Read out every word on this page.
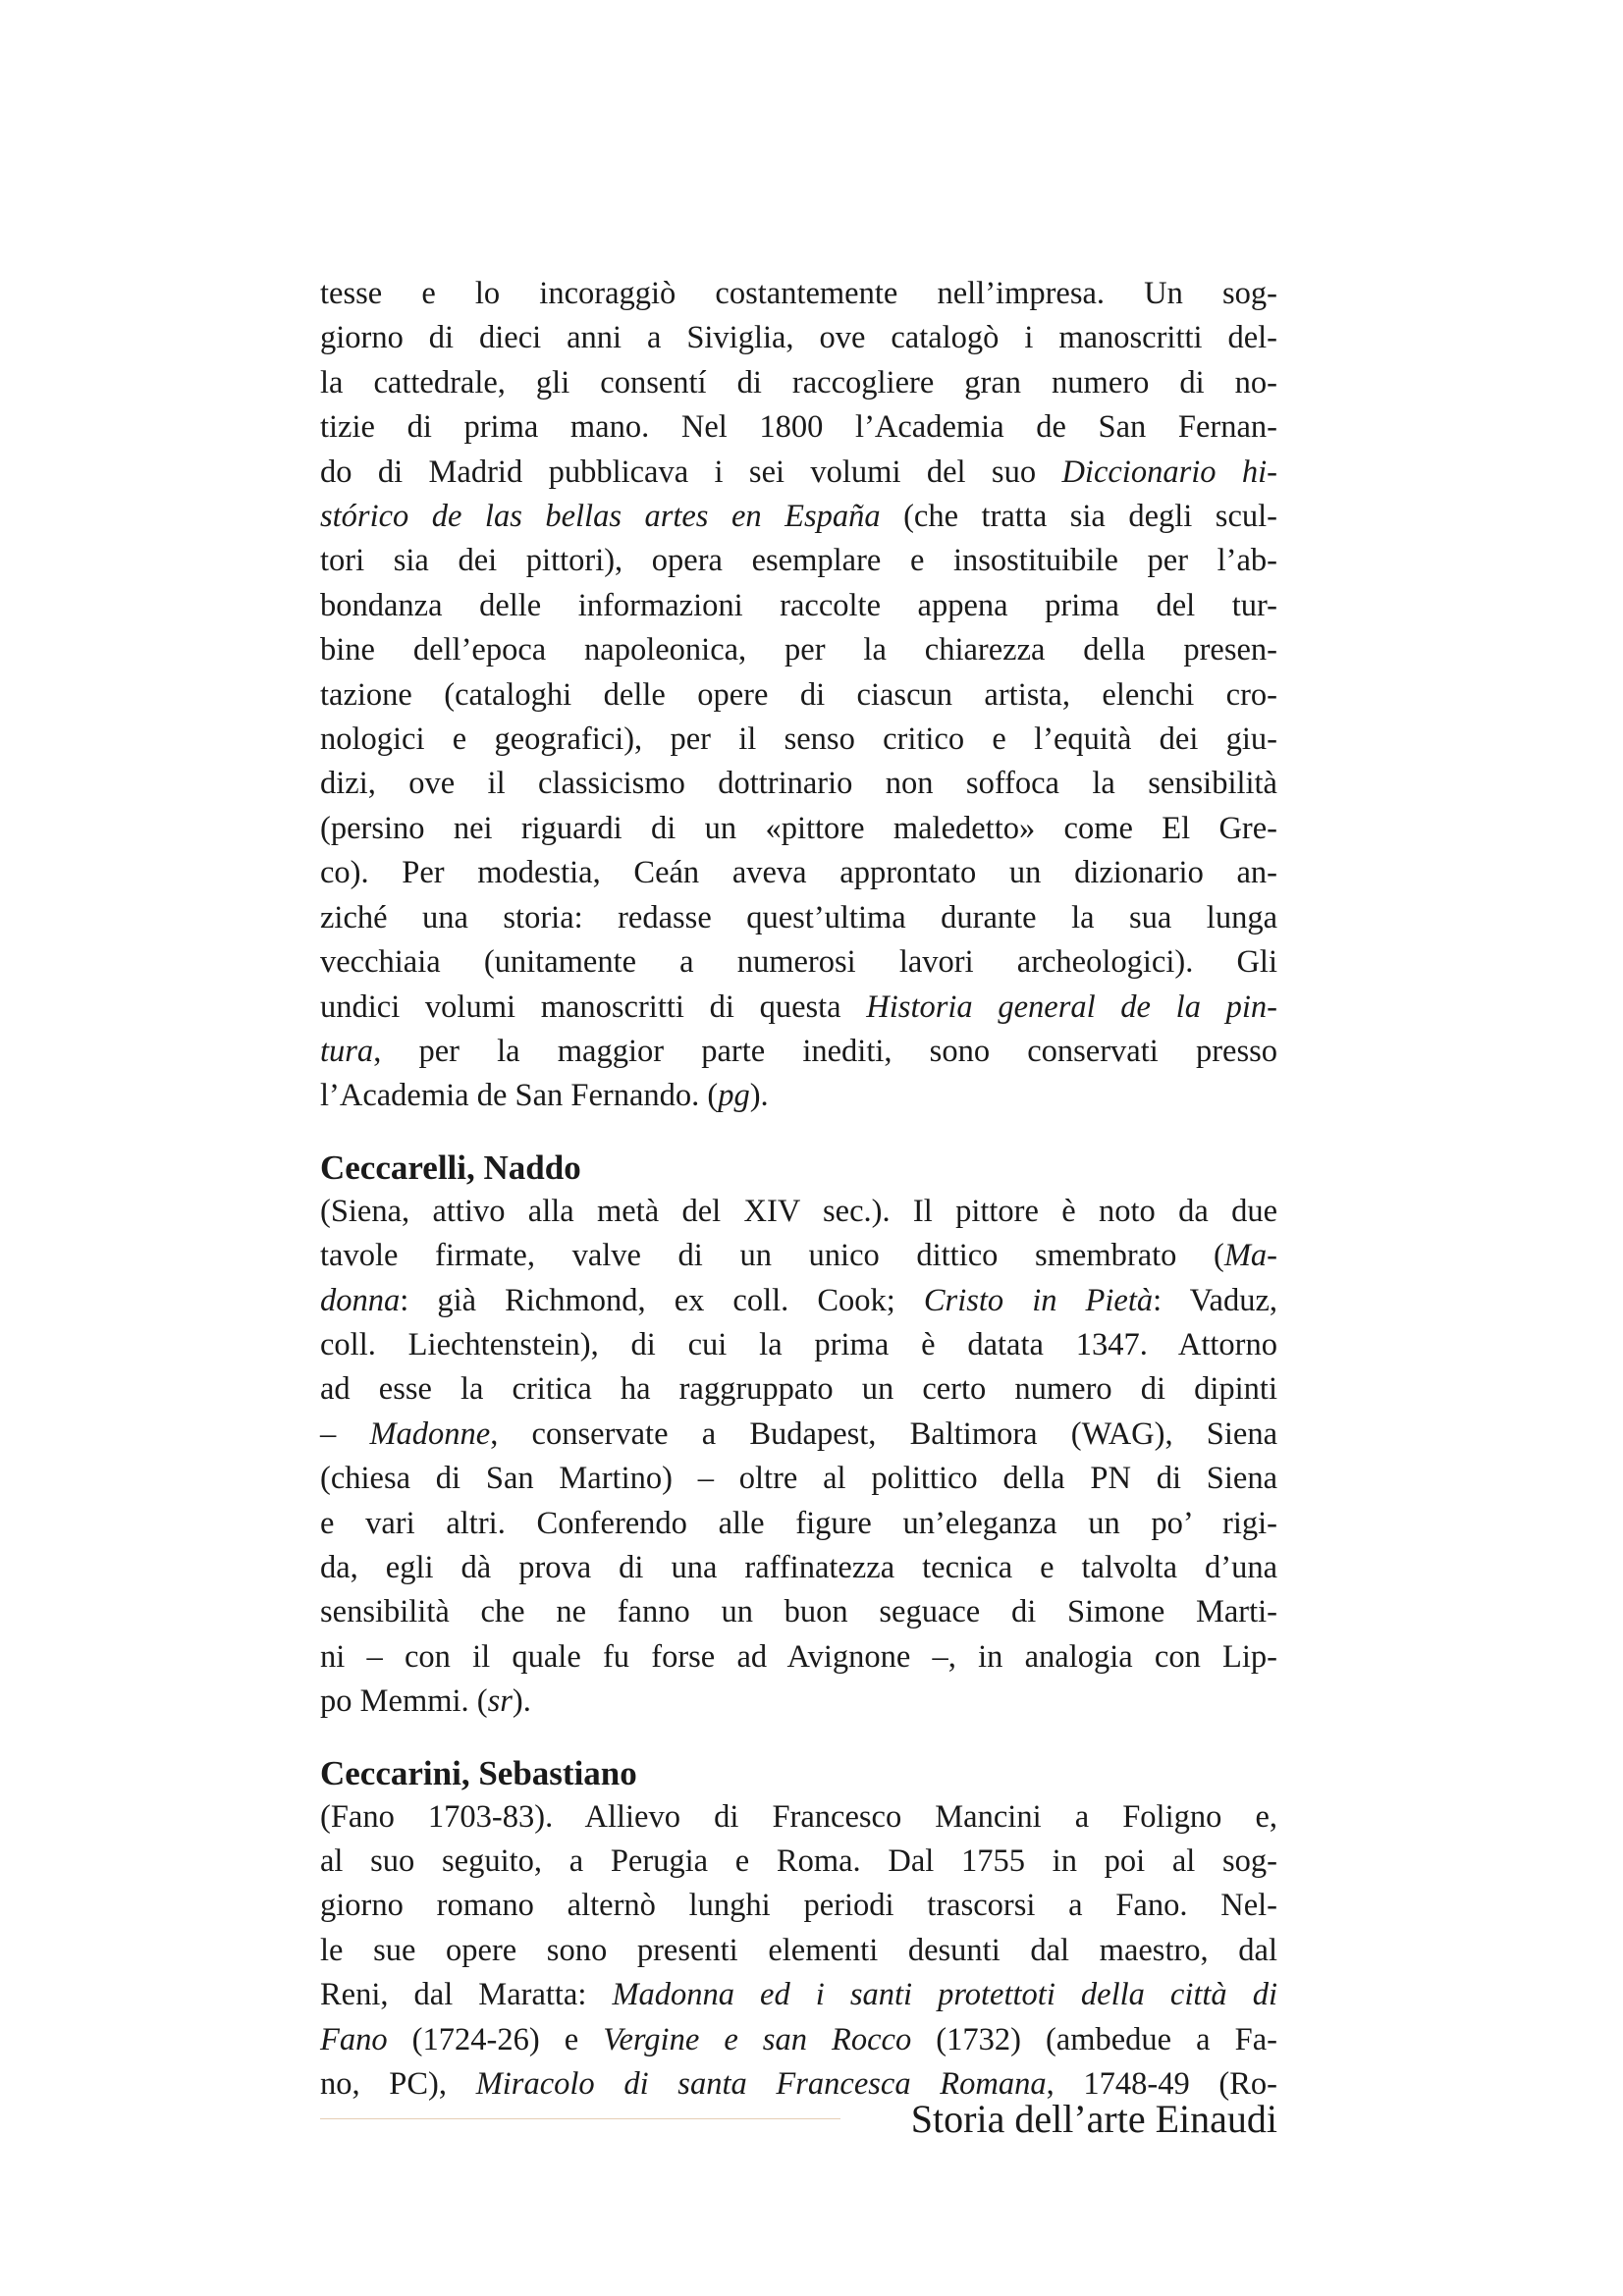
tesse e lo incoraggiò costantemente nell’impresa. Un sog-
giorno di dieci anni a Siviglia, ove catalogò i manoscritti del-
la cattedrale, gli consentí di raccogliere gran numero di no-
tizie di prima mano. Nel 1800 l’Academia de San Fernan-
do di Madrid pubblicava i sei volumi del suo Diccionario hi-
stórico de las bellas artes en España (che tratta sia degli scul-
tori sia dei pittori), opera esemplare e insostituibile per l’ab-
bondanza delle informazioni raccolte appena prima del tur-
bine dell’epoca napoleonica, per la chiarezza della presen-
tazione (cataloghi delle opere di ciascun artista, elenchi cro-
nologici e geografici), per il senso critico e l’equità dei giu-
dizi, ove il classicismo dottrinario non soffoca la sensibilità
(persino nei riguardi di un «pittore maledetto» come El Gre-
co). Per modestia, Ceán aveva approntato un dizionario an-
ziché una storia: redasse quest’ultima durante la sua lunga
vecchiaia (unitamente a numerosi lavori archeologici). Gli
undici volumi manoscritti di questa Historia general de la pin-
tura, per la maggior parte inediti, sono conservati presso
l’Academia de San Fernando. (pg).
Ceccarelli, Naddo
(Siena, attivo alla metà del XIV sec.). Il pittore è noto da due
tavole firmate, valve di un unico dittico smembrato (Ma-
donna: già Richmond, ex coll. Cook; Cristo in Pietà: Vaduz,
coll. Liechtenstein), di cui la prima è datata 1347. Attorno
ad esse la critica ha raggruppato un certo numero di dipinti
– Madonne, conservate a Budapest, Baltimora (WAG), Siena
(chiesa di San Martino) – oltre al polittico della PN di Siena
e vari altri. Conferendo alle figure un’eleganza un po’ rigi-
da, egli dà prova di una raffinatezza tecnica e talvolta d’una
sensibilità che ne fanno un buon seguace di Simone Marti-
ni – con il quale fu forse ad Avignone –, in analogia con Lip-
po Memmi. (sr).
Ceccarini, Sebastiano
(Fano 1703-83). Allievo di Francesco Mancini a Foligno e,
al suo seguito, a Perugia e Roma. Dal 1755 in poi al sog-
giorno romano alternò lunghi periodi trascorsi a Fano. Nel-
le sue opere sono presenti elementi desunti dal maestro, dal
Reni, dal Maratta: Madonna ed i santi protettoti della città di
Fano (1724-26) e Vergine e san Rocco (1732) (ambedue a Fa-
no, PC), Miracolo di santa Francesca Romana, 1748-49 (Ro-
Storia dell’arte Einaudi
